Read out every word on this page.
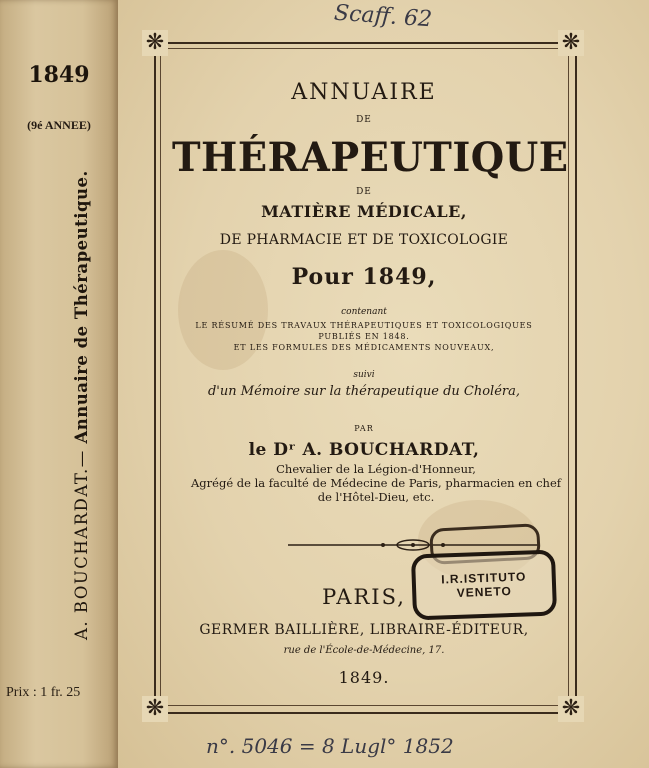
1849
(9é ANNEE)
A. BOUCHARDAT.— Annuaire de Thérapeutique.
Prix : 1 fr. 25
❋	❋
❋	❋
ANNUAIRE
DE
THÉRAPEUTIQUE
DE
MATIÈRE MÉDICALE,
DE PHARMACIE ET DE TOXICOLOGIE
Pour 1849,
contenant
LE RÉSUMÉ DES TRAVAUX THÉRAPEUTIQUES ET TOXICOLOGIQUES
PUBLIÉS EN 1848.
ET LES FORMULES DES MÉDICAMENTS NOUVEAUX,
suivi
d'un Mémoire sur la thérapeutique du Choléra,
PAR
le Dʳ A. BOUCHARDAT,
Chevalier de la Légion-d'Honneur,
Agrégé de la faculté de Médecine de Paris, pharmacien en chef
de l'Hôtel-Dieu, etc.
I.R.ISTITUTO
VENETO
PARIS,
GERMER BAILLIÈRE, LIBRAIRE-ÉDITEUR,
rue de l'École-de-Médecine, 17.
1849.
Scaff. 62
n°. 5046 = 8 Lugl° 1852
